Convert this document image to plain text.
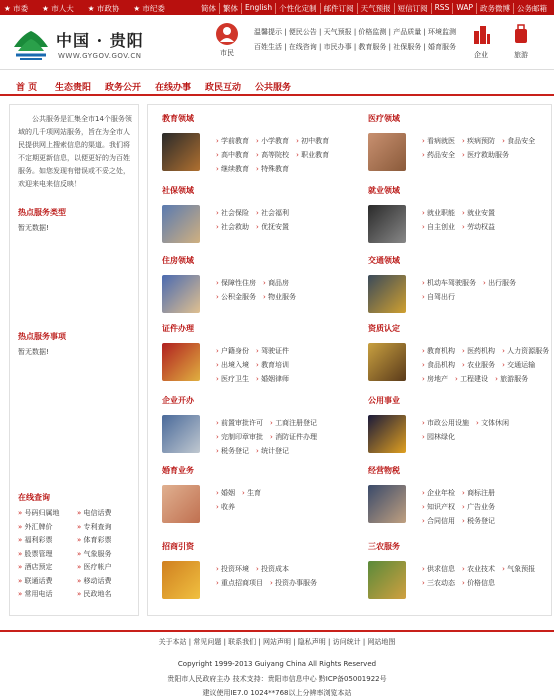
★ 市委 ★ 市人大 ★ 市政协 ★ 市纪委	简体 繁体 English 个性化定制 邮件订阅 天气预报 短信订阅 RSS WAP 政务微博 公务邮箱
中国 · 贵阳
WWW.GYGOV.GOV.CN	市民
温馨提示 | 便民公告 | 天气预报 | 价格监测 | 产品质量 | 环境监测
百姓生活 | 在线咨询 | 市民办事 | 教育服务 | 社保服务 | 婚育服务
企业	旅游
首 页 生态贵阳 政务公开 在线办事 政民互动 公共服务
公共服务是汇集全市14个服务领域的几千项网站服务，旨在为全市人民提供网上搜索信息的渠道。我们将不定期更新信息，以便更好的为百姓服务。如您发现有错误或不妥之处，欢迎来电来信反映！
热点服务类型
暂无数据!
热点服务事项
暂无数据!
在线查询
» 号码归属地	» 电信话费
» 外汇牌价	» 专利查询
» 福利彩票	» 体育彩票
» 股票管理	» 气象服务
» 酒店预定	» 医疗帐户
» 联通话费	» 移动话费
» 常用电话	» 民政地名
教育领域
› 学前教育	› 小学教育	› 初中教育
› 高中教育	› 高等院校	› 职业教育
› 继续教育	› 特殊教育
医疗领域
› 看病就医	› 疾病预防	› 食品安全
› 药品安全	› 医疗救助服务
社保领域
› 社会保险	› 社会福利
› 社会救助	› 优抚安置
就业领域
› 就业职能	› 就业安置
› 自主创业	› 劳动权益
住房领域
› 保障性住房	› 商品房
› 公积金服务	› 物业服务
交通领域
› 机动车驾驶服务	› 出行服务
› 自驾出行
证件办理
› 户籍身份	› 驾驶证件
› 出境入境	› 教育培训
› 医疗卫生	› 婚姻律师
资质认定
› 教育机构	› 医药机构	› 人力资源服务
› 食品机构	› 农业服务	› 交通运输
› 房地产	› 工程建设	› 旅游服务
企业开办
› 前置审批许可	› 工商注册登记
› 完制印章审批	› 消防证件办理
› 税务登记	› 统计登记
公用事业
› 市政公用设施	› 文体休闲
› 园林绿化
婚育业务
› 婚姻	› 生育
› 收养
经营物税
› 企业年检	› 商标注册
› 知识产权	› 广告业务
› 合同信用	› 税务登记
招商引资
› 投资环境	› 投资成本
› 重点招商项目	› 投资办事服务
三农服务
› 供求信息	› 农业技术	› 气象预报
› 三农动态	› 价格信息
关于本站 | 常见问题 | 联系我们 | 网站声明 | 隐私声明 | 访问统计 | 网站地图
Copyright 1999-2013 Guiyang China All Rights Reserved
贵阳市人民政府主办 技术支持：贵阳市信息中心 黔ICP备05001922号
建议使用IE7.0 1024**768以上分辨率浏览本站
